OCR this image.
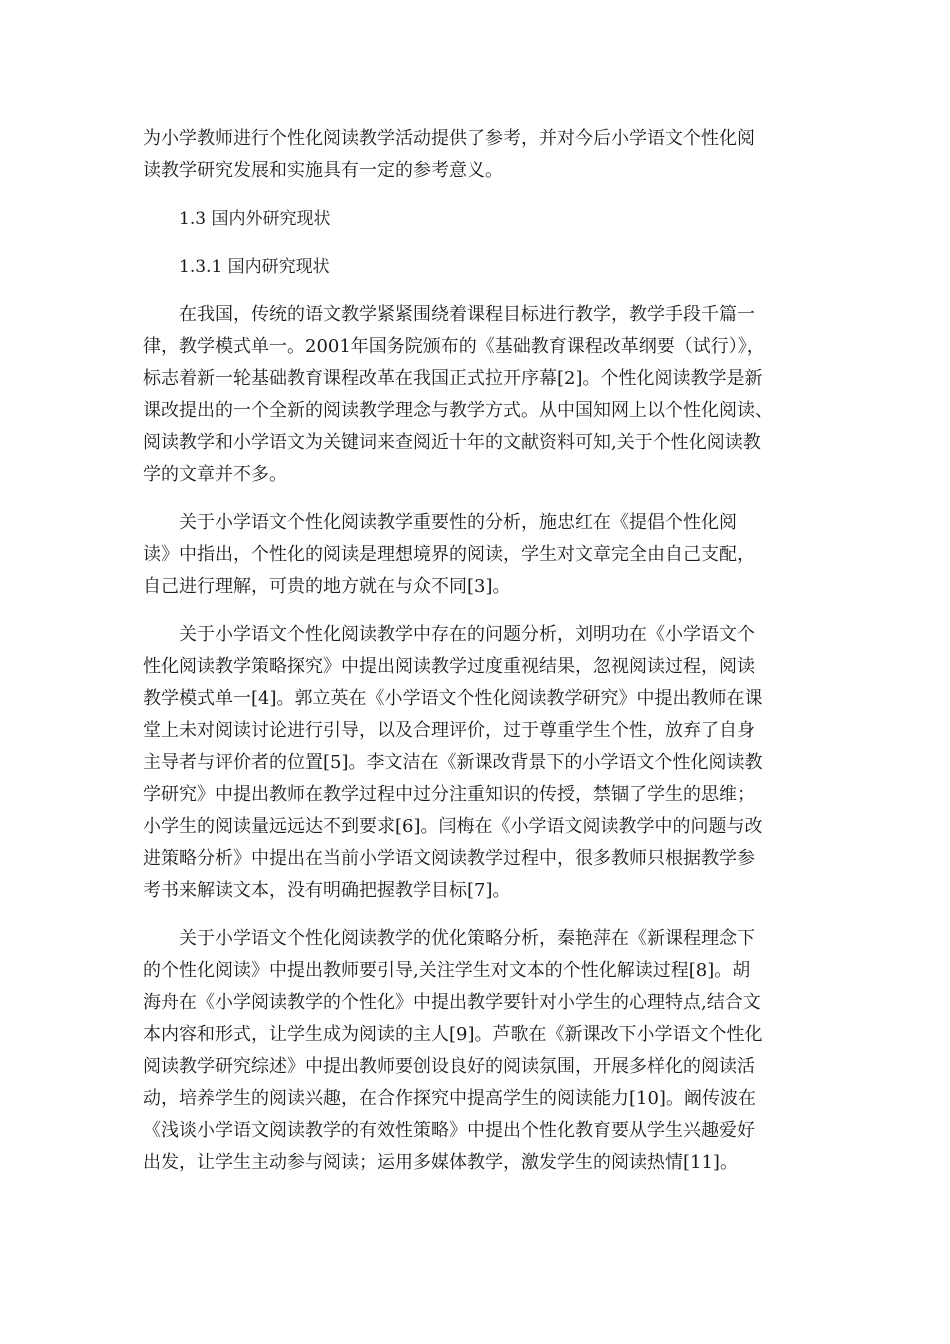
为小学教师进行个性化阅读教学活动提供了参考，并对今后小学语文个性化阅
读教学研究发展和实施具有一定的参考意义。
1.3 国内外研究现状
1.3.1 国内研究现状
在我国，传统的语文教学紧紧围绕着课程目标进行教学，教学手段千篇一
律，教学模式单一。2001年国务院颁布的《基础教育课程改革纲要（试行）》，
标志着新一轮基础教育课程改革在我国正式拉开序幕[2]。个性化阅读教学是新
课改提出的一个全新的阅读教学理念与教学方式。从中国知网上以个性化阅读、
阅读教学和小学语文为关键词来查阅近十年的文献资料可知,关于个性化阅读教
学的文章并不多。
关于小学语文个性化阅读教学重要性的分析，施忠红在《提倡个性化阅
读》中指出，个性化的阅读是理想境界的阅读，学生对文章完全由自己支配，
自己进行理解，可贵的地方就在与众不同[3]。
关于小学语文个性化阅读教学中存在的问题分析，刘明功在《小学语文个
性化阅读教学策略探究》中提出阅读教学过度重视结果，忽视阅读过程，阅读
教学模式单一[4]。郭立英在《小学语文个性化阅读教学研究》中提出教师在课
堂上未对阅读讨论进行引导，以及合理评价，过于尊重学生个性，放弃了自身
主导者与评价者的位置[5]。李文洁在《新课改背景下的小学语文个性化阅读教
学研究》中提出教师在教学过程中过分注重知识的传授，禁锢了学生的思维；
小学生的阅读量远远达不到要求[6]。闫梅在《小学语文阅读教学中的问题与改
进策略分析》中提出在当前小学语文阅读教学过程中，很多教师只根据教学参
考书来解读文本，没有明确把握教学目标[7]。
关于小学语文个性化阅读教学的优化策略分析，秦艳萍在《新课程理念下
的个性化阅读》中提出教师要引导,关注学生对文本的个性化解读过程[8]。胡
海舟在《小学阅读教学的个性化》中提出教学要针对小学生的心理特点,结合文
本内容和形式，让学生成为阅读的主人[9]。芦歌在《新课改下小学语文个性化
阅读教学研究综述》中提出教师要创设良好的阅读氛围，开展多样化的阅读活
动，培养学生的阅读兴趣，在合作探究中提高学生的阅读能力[10]。阚传波在
《浅谈小学语文阅读教学的有效性策略》中提出个性化教育要从学生兴趣爱好
出发，让学生主动参与阅读；运用多媒体教学，激发学生的阅读热情[11]。
